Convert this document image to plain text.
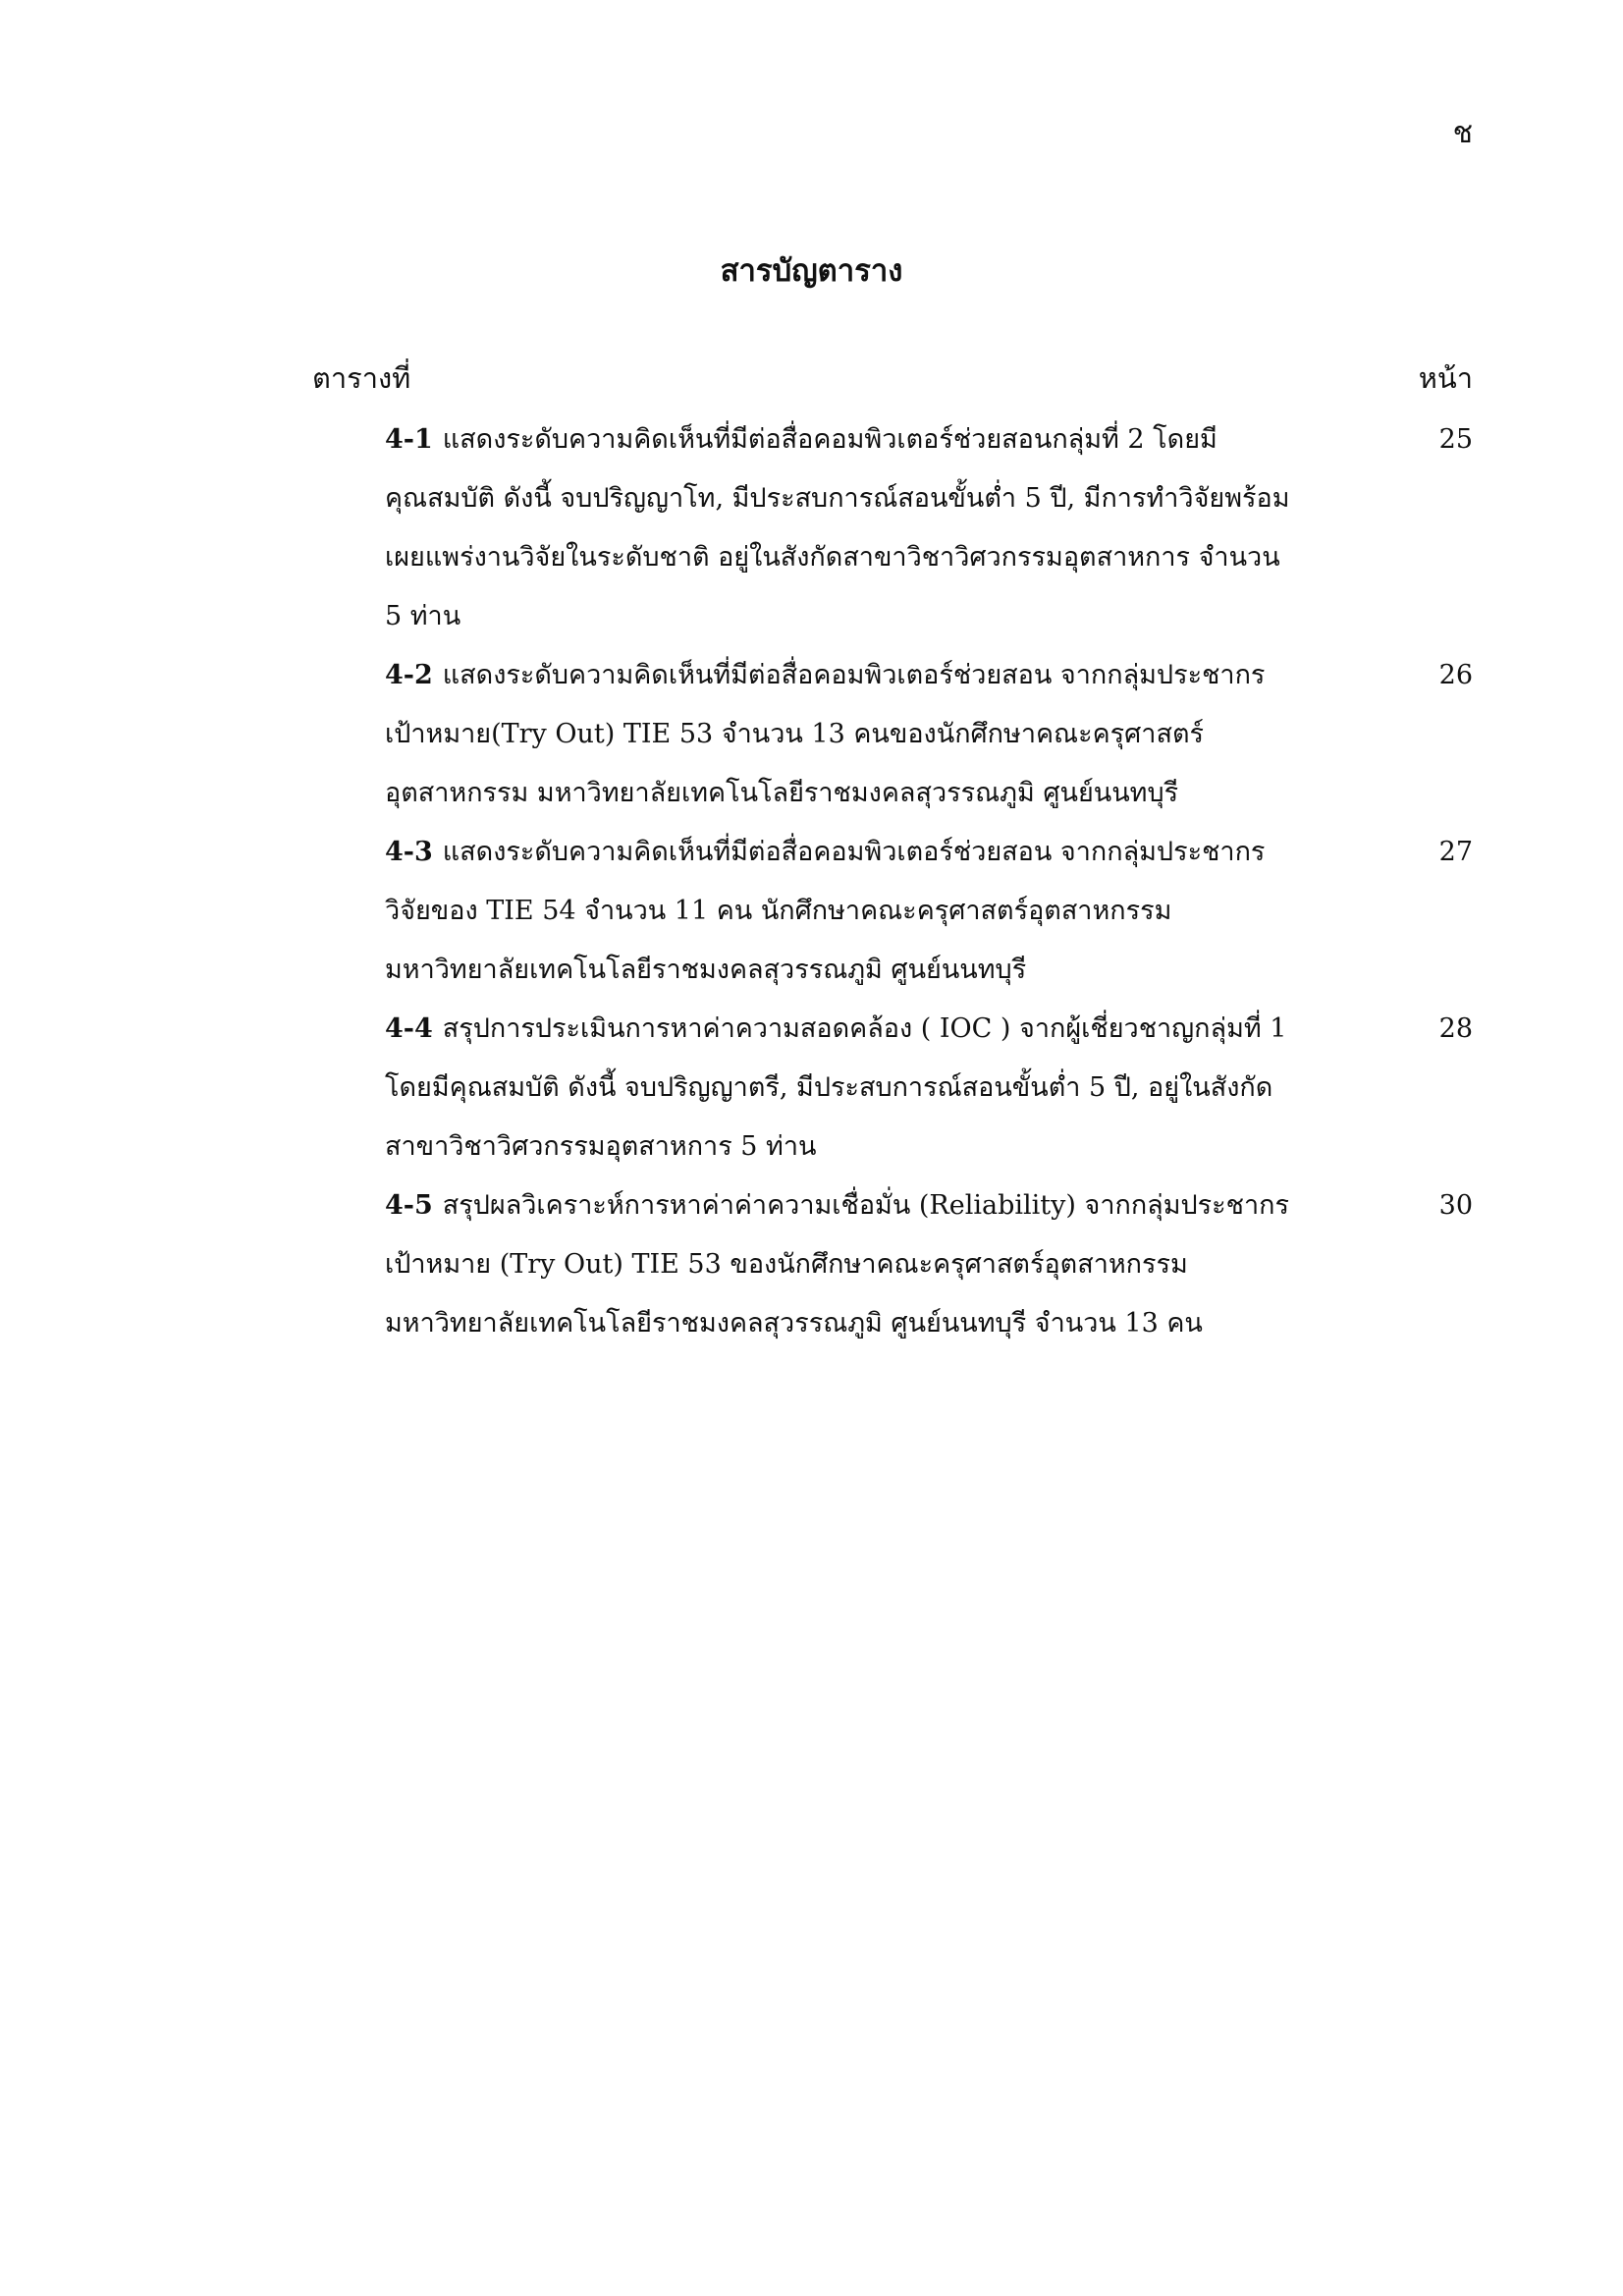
ช
สารบัญตาราง
ตารางที่	หน้า
4-1 แสดงระดับความคิดเห็นที่มีต่อสื่อคอมพิวเตอร์ช่วยสอนกลุ่มที่ 2 โดยมี
คุณสมบัติ ดังนี้ จบปริญญาโท, มีประสบการณ์สอนขั้นต่ำ 5 ปี, มีการทำวิจัยพร้อม
เผยแพร่งานวิจัยในระดับชาติ อยู่ในสังกัดสาขาวิชาวิศวกรรมอุตสาหการ จำนวน
5 ท่าน
25
4-2 แสดงระดับความคิดเห็นที่มีต่อสื่อคอมพิวเตอร์ช่วยสอน จากกลุ่มประชากร
เป้าหมาย(Try Out) TIE 53 จำนวน 13 คนของนักศึกษาคณะครุศาสตร์
อุตสาหกรรม มหาวิทยาลัยเทคโนโลยีราชมงคลสุวรรณภูมิ ศูนย์นนทบุรี
26
4-3 แสดงระดับความคิดเห็นที่มีต่อสื่อคอมพิวเตอร์ช่วยสอน จากกลุ่มประชากร
วิจัยของ TIE 54 จำนวน 11 คน นักศึกษาคณะครุศาสตร์อุตสาหกรรม
มหาวิทยาลัยเทคโนโลยีราชมงคลสุวรรณภูมิ ศูนย์นนทบุรี
27
4-4 สรุปการประเมินการหาค่าความสอดคล้อง ( IOC ) จากผู้เชี่ยวชาญกลุ่มที่ 1
โดยมีคุณสมบัติ ดังนี้ จบปริญญาตรี, มีประสบการณ์สอนขั้นต่ำ 5 ปี, อยู่ในสังกัด
สาขาวิชาวิศวกรรมอุตสาหการ 5 ท่าน
28
4-5 สรุปผลวิเคราะห์การหาค่าค่าความเชื่อมั่น (Reliability) จากกลุ่มประชากร
เป้าหมาย (Try Out) TIE 53 ของนักศึกษาคณะครุศาสตร์อุตสาหกรรม
มหาวิทยาลัยเทคโนโลยีราชมงคลสุวรรณภูมิ ศูนย์นนทบุรี จำนวน 13 คน
30
